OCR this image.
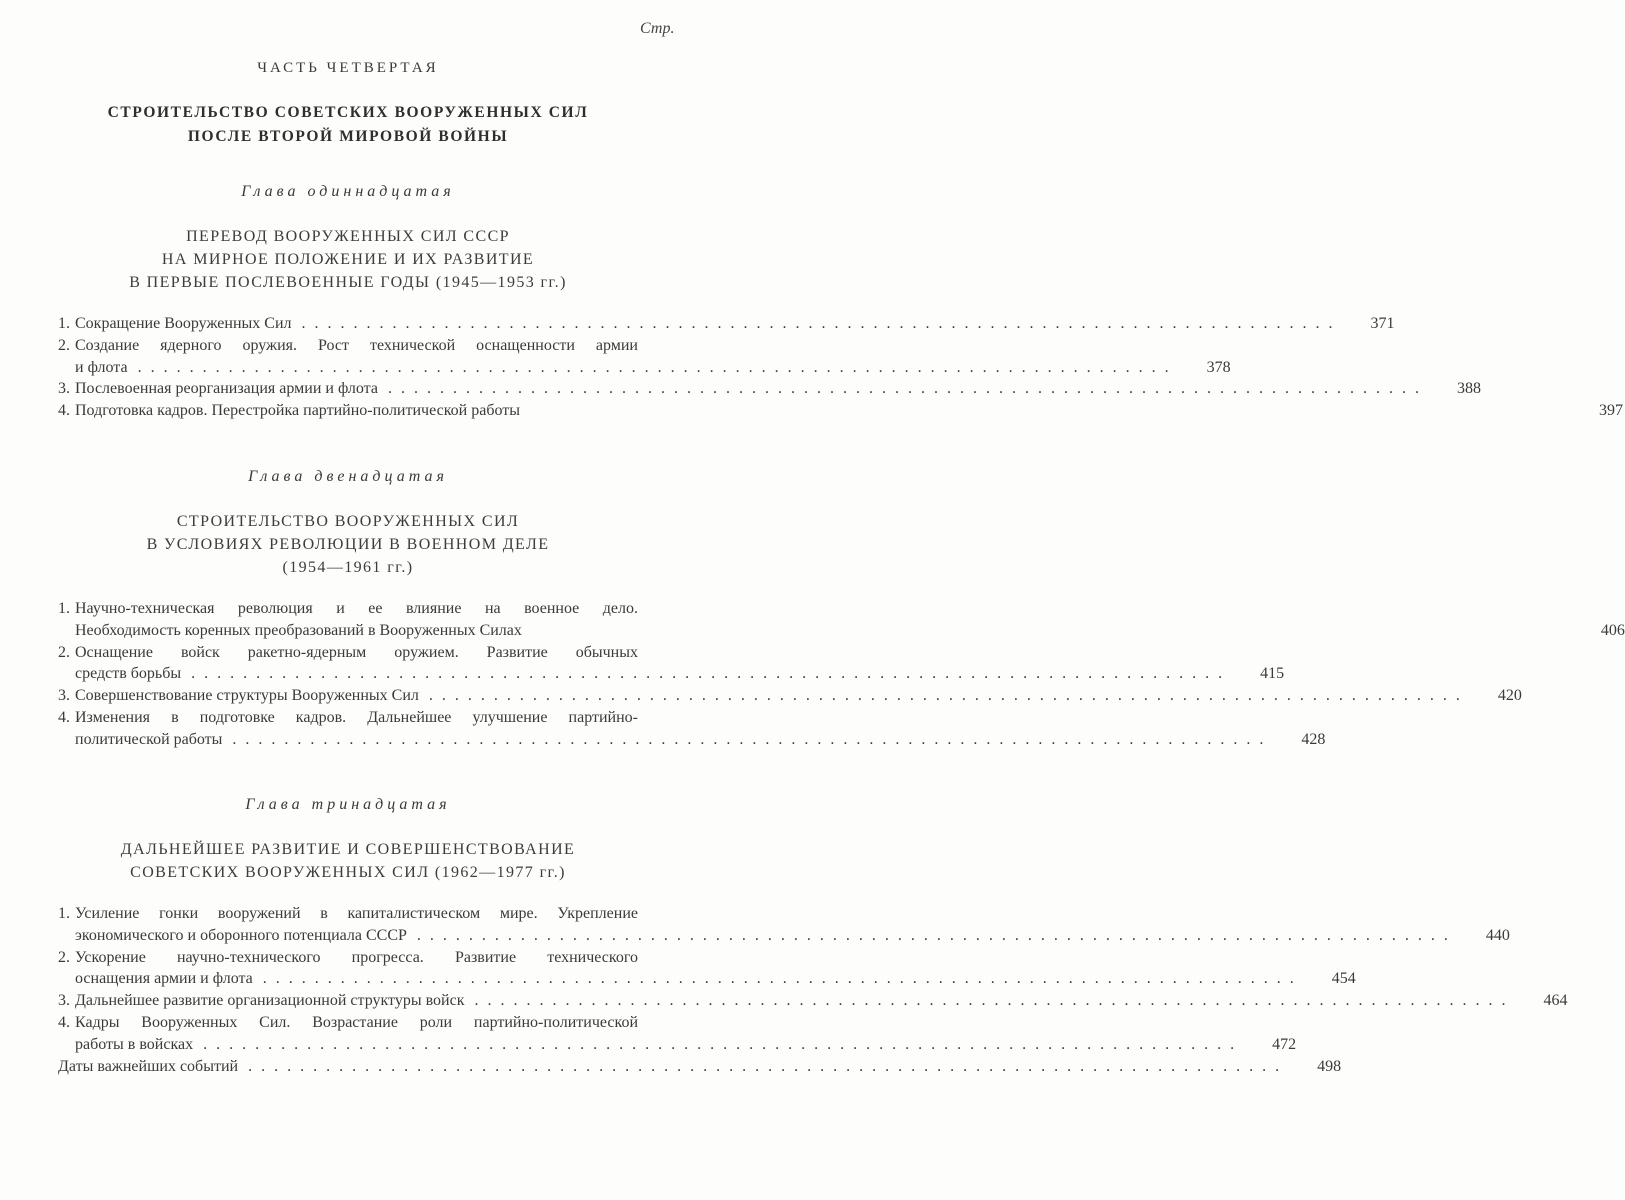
Стр.
ЧАСТЬ ЧЕТВЕРТАЯ
СТРОИТЕЛЬСТВО СОВЕТСКИХ ВООРУЖЕННЫХ СИЛ
ПОСЛЕ ВТОРОЙ МИРОВОЙ ВОЙНЫ
Глава одиннадцатая
ПЕРЕВОД ВООРУЖЕННЫХ СИЛ СССР
НА МИРНОЕ ПОЛОЖЕНИЕ И ИХ РАЗВИТИЕ
В ПЕРВЫЕ ПОСЛЕВОЕННЫЕ ГОДЫ (1945—1953 гг.)
1. Сокращение Вооруженных Сил ................................................................................	371
2. Создание ядерного оружия. Рост технической оснащенности армии
и флота ................................................................................	378
3. Послевоенная реорганизация армии и флота ................................................................................	388
4. Подготовка кадров. Перестройка партийно-политической работы	397
Глава двенадцатая
СТРОИТЕЛЬСТВО ВООРУЖЕННЫХ СИЛ
В УСЛОВИЯХ РЕВОЛЮЦИИ В ВОЕННОМ ДЕЛЕ
(1954—1961 гг.)
1. Научно-техническая революция и ее влияние на военное дело.
Необходимость коренных преобразований в Вооруженных Силах	406
2. Оснащение войск ракетно-ядерным оружием. Развитие обычных
средств борьбы ................................................................................	415
3. Совершенствование структуры Вооруженных Сил ................................................................................	420
4. Изменения в подготовке кадров. Дальнейшее улучшение партийно-
политической работы ................................................................................	428
Глава тринадцатая
ДАЛЬНЕЙШЕЕ РАЗВИТИЕ И СОВЕРШЕНСТВОВАНИЕ
СОВЕТСКИХ ВООРУЖЕННЫХ СИЛ (1962—1977 гг.)
1. Усиление гонки вооружений в капиталистическом мире. Укрепление
экономического и оборонного потенциала СССР ................................................................................	440
2. Ускорение научно-технического прогресса. Развитие технического
оснащения армии и флота ................................................................................	454
3. Дальнейшее развитие организационной структуры войск ................................................................................	464
4. Кадры Вооруженных Сил. Возрастание роли партийно-политической
работы в войсках ................................................................................	472
Даты важнейших событий ................................................................................	498
